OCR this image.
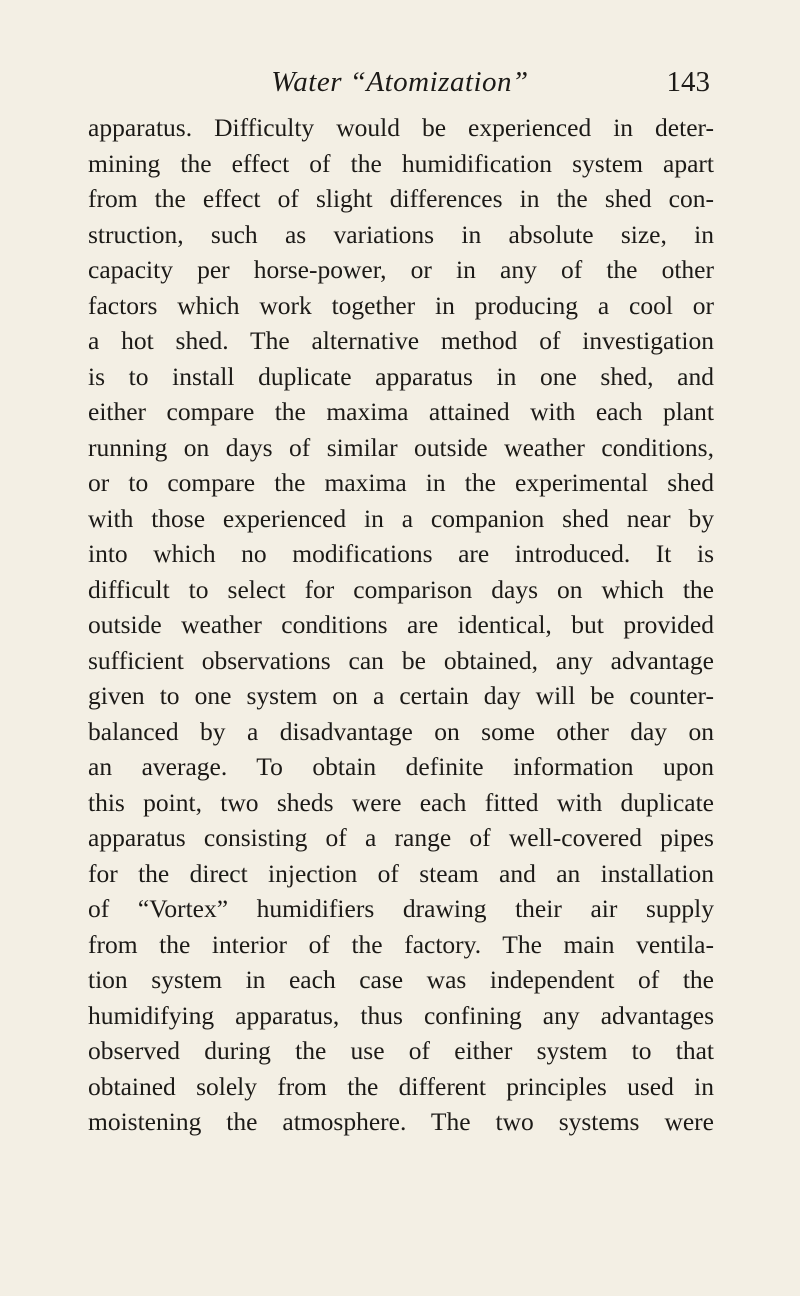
Water “Atomization”	143
apparatus. Difficulty would be experienced in deter-
mining the effect of the humidification system apart
from the effect of slight differences in the shed con-
struction, such as variations in absolute size, in
capacity per horse-power, or in any of the other
factors which work together in producing a cool or
a hot shed. The alternative method of investigation
is to install duplicate apparatus in one shed, and
either compare the maxima attained with each plant
running on days of similar outside weather conditions,
or to compare the maxima in the experimental shed
with those experienced in a companion shed near by
into which no modifications are introduced. It is
difficult to select for comparison days on which the
outside weather conditions are identical, but provided
sufficient observations can be obtained, any advantage
given to one system on a certain day will be counter-
balanced by a disadvantage on some other day on
an average. To obtain definite information upon
this point, two sheds were each fitted with duplicate
apparatus consisting of a range of well-covered pipes
for the direct injection of steam and an installation
of “Vortex” humidifiers drawing their air supply
from the interior of the factory. The main ventila-
tion system in each case was independent of the
humidifying apparatus, thus confining any advantages
observed during the use of either system to that
obtained solely from the different principles used in
moistening the atmosphere. The two systems were
